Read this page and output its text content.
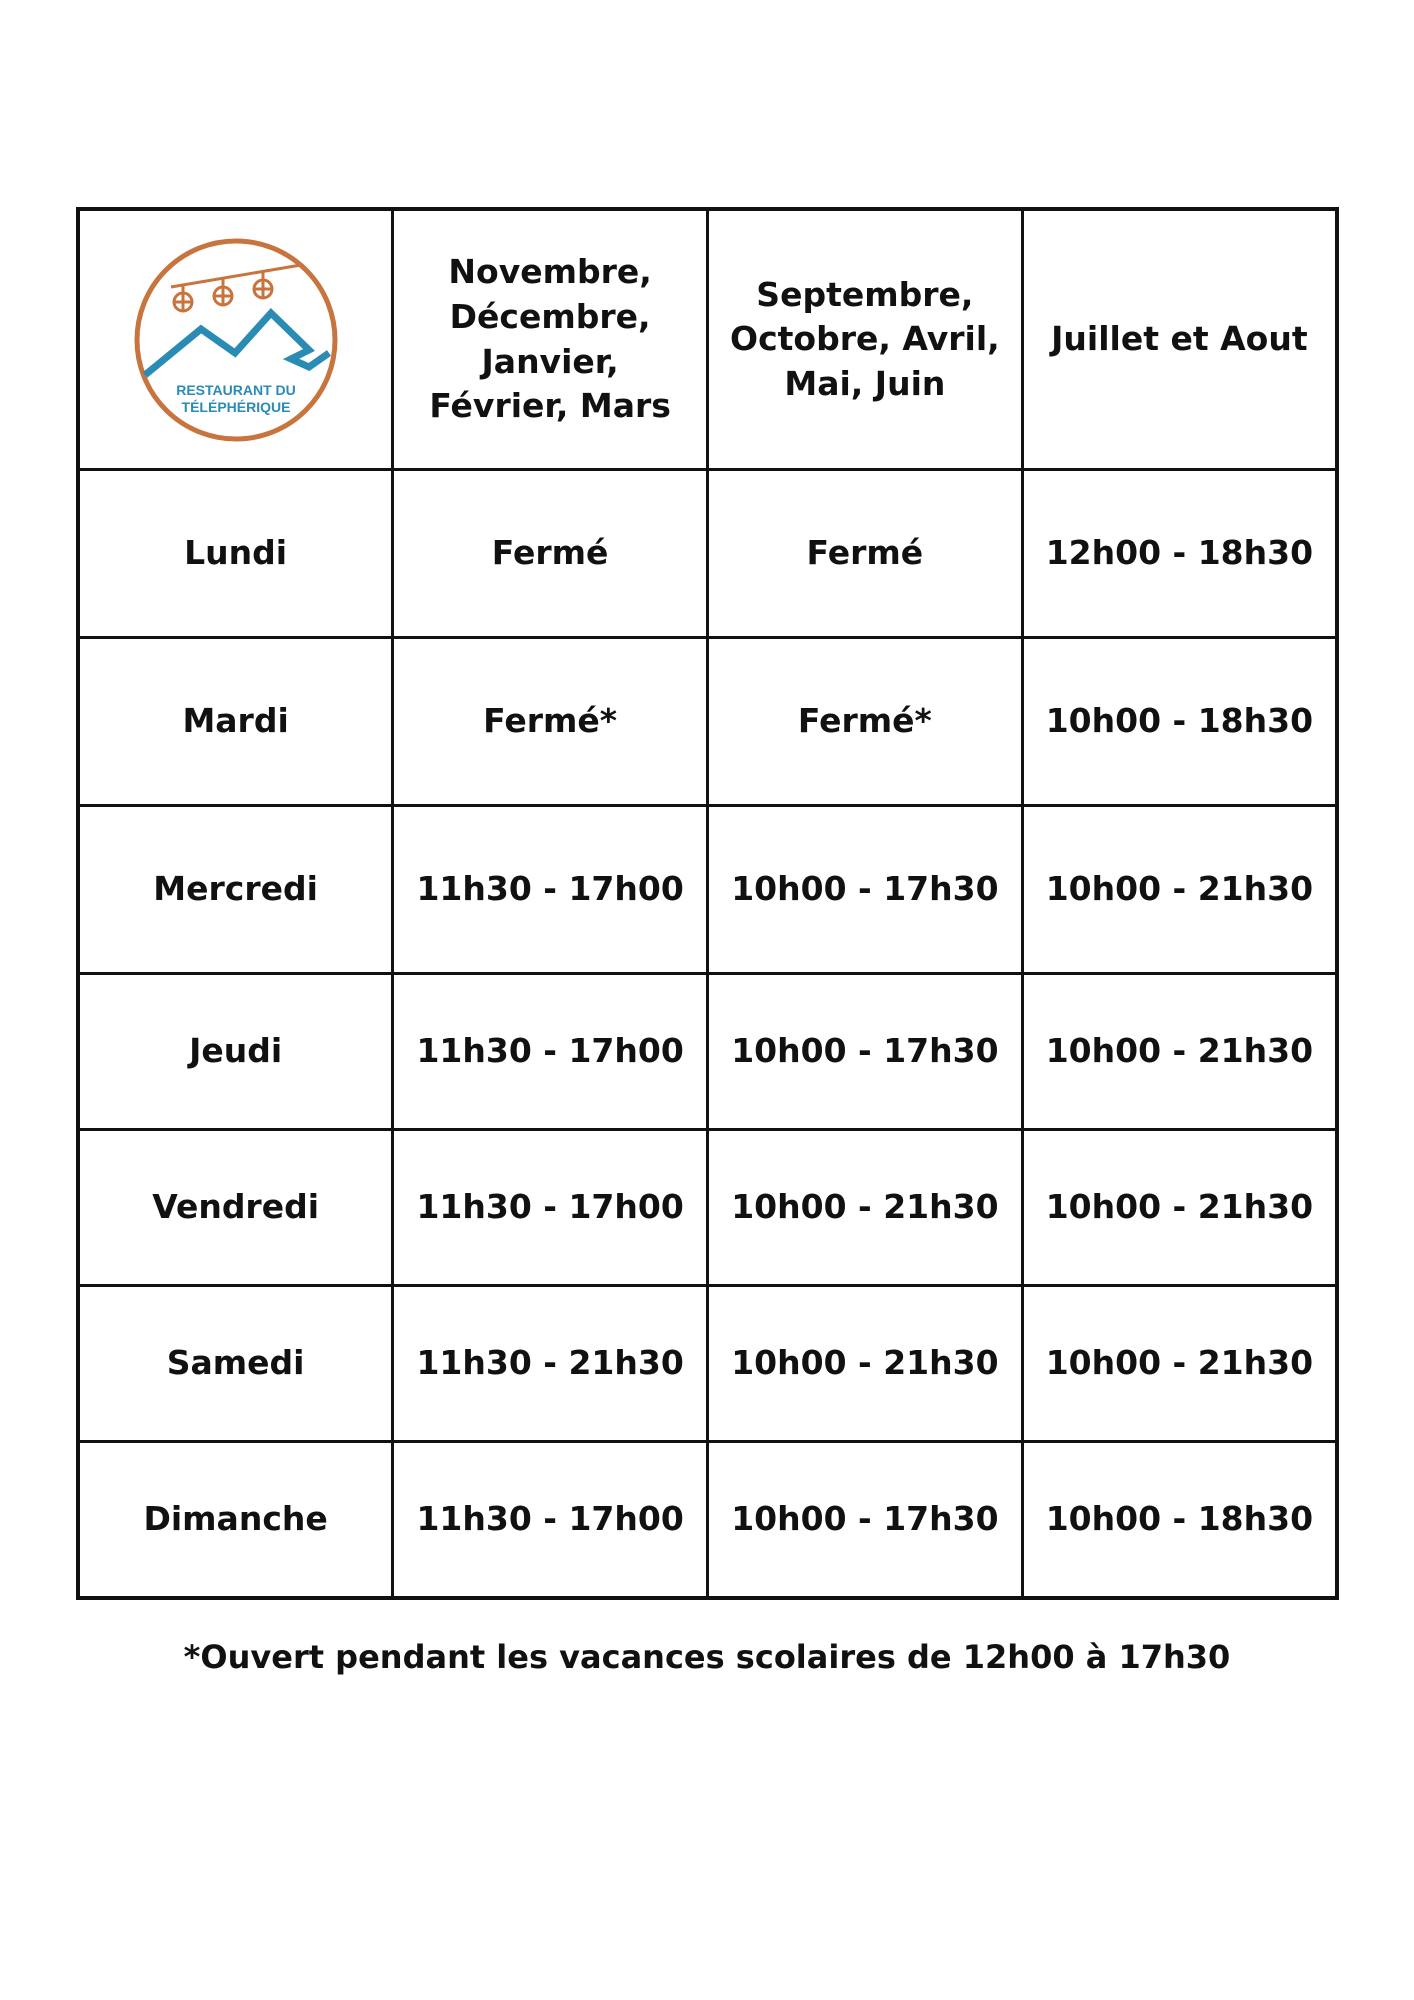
RESTAURANT DU
TÉLÉPHÉRIQUE	Novembre, Décembre, Janvier, Février, Mars	Septembre, Octobre, Avril, Mai, Juin	Juillet et Aout
Lundi	Fermé	Fermé	12h00 - 18h30
Mardi	Fermé*	Fermé*	10h00 - 18h30
Mercredi	11h30 - 17h00	10h00 - 17h30	10h00 - 21h30
Jeudi	11h30 - 17h00	10h00 - 17h30	10h00 - 21h30
Vendredi	11h30 - 17h00	10h00 - 21h30	10h00 - 21h30
Samedi	11h30 - 21h30	10h00 - 21h30	10h00 - 21h30
Dimanche	11h30 - 17h00	10h00 - 17h30	10h00 - 18h30
*Ouvert pendant les vacances scolaires de 12h00 à 17h30
